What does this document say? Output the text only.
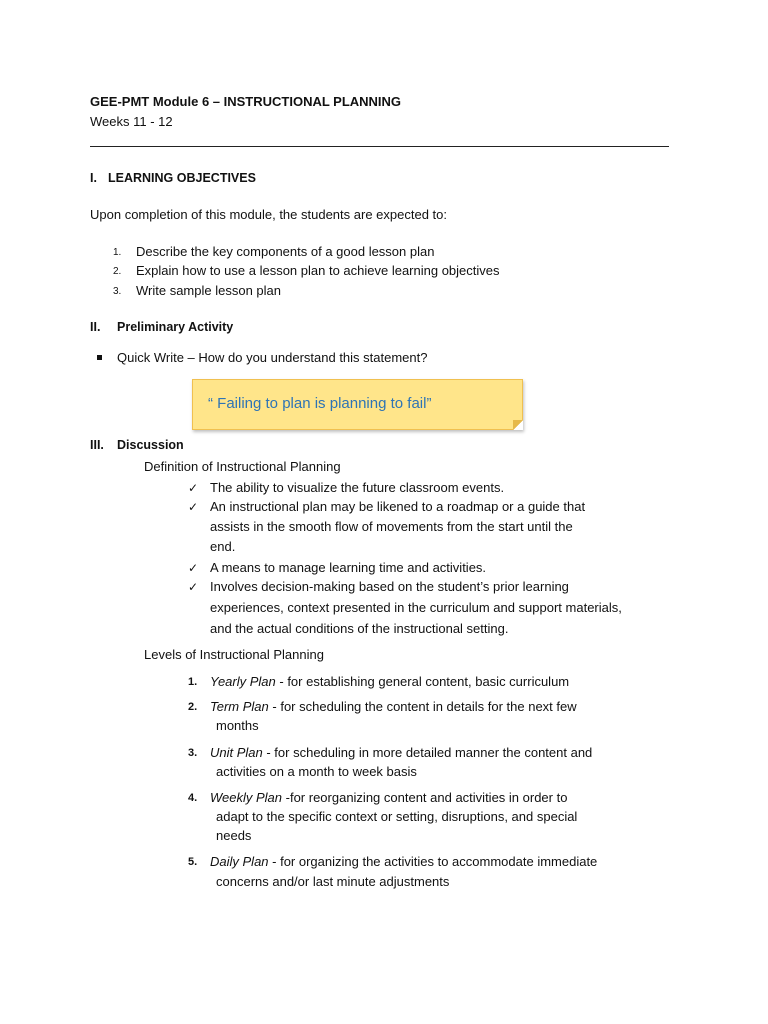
GEE-PMT Module 6 – INSTRUCTIONAL PLANNING
Weeks 11 - 12
I. LEARNING OBJECTIVES
Upon completion of this module, the students are expected to:
1. Describe the key components of a good lesson plan
2. Explain how to use a lesson plan to achieve learning objectives
3. Write sample lesson plan
II. Preliminary Activity
Quick Write – How do you understand this statement?
“ Failing to plan is planning to fail”
III. Discussion
Definition of Instructional Planning
✓ The ability to visualize the future classroom events.
✓ An instructional plan may be likened to a roadmap or a guide that
assists in the smooth flow of movements from the start until the
end.
✓ A means to manage learning time and activities.
✓ Involves decision-making based on the student’s prior learning
experiences, context presented in the curriculum and support materials,
and the actual conditions of the instructional setting.
Levels of Instructional Planning
1. Yearly Plan - for establishing general content, basic curriculum
2. Term Plan - for scheduling the content in details for the next few
months
3. Unit Plan - for scheduling in more detailed manner the content and
activities on a month to week basis
4. Weekly Plan -for reorganizing content and activities in order to
adapt to the specific context or setting, disruptions, and special
needs
5. Daily Plan - for organizing the activities to accommodate immediate
concerns and/or last minute adjustments
